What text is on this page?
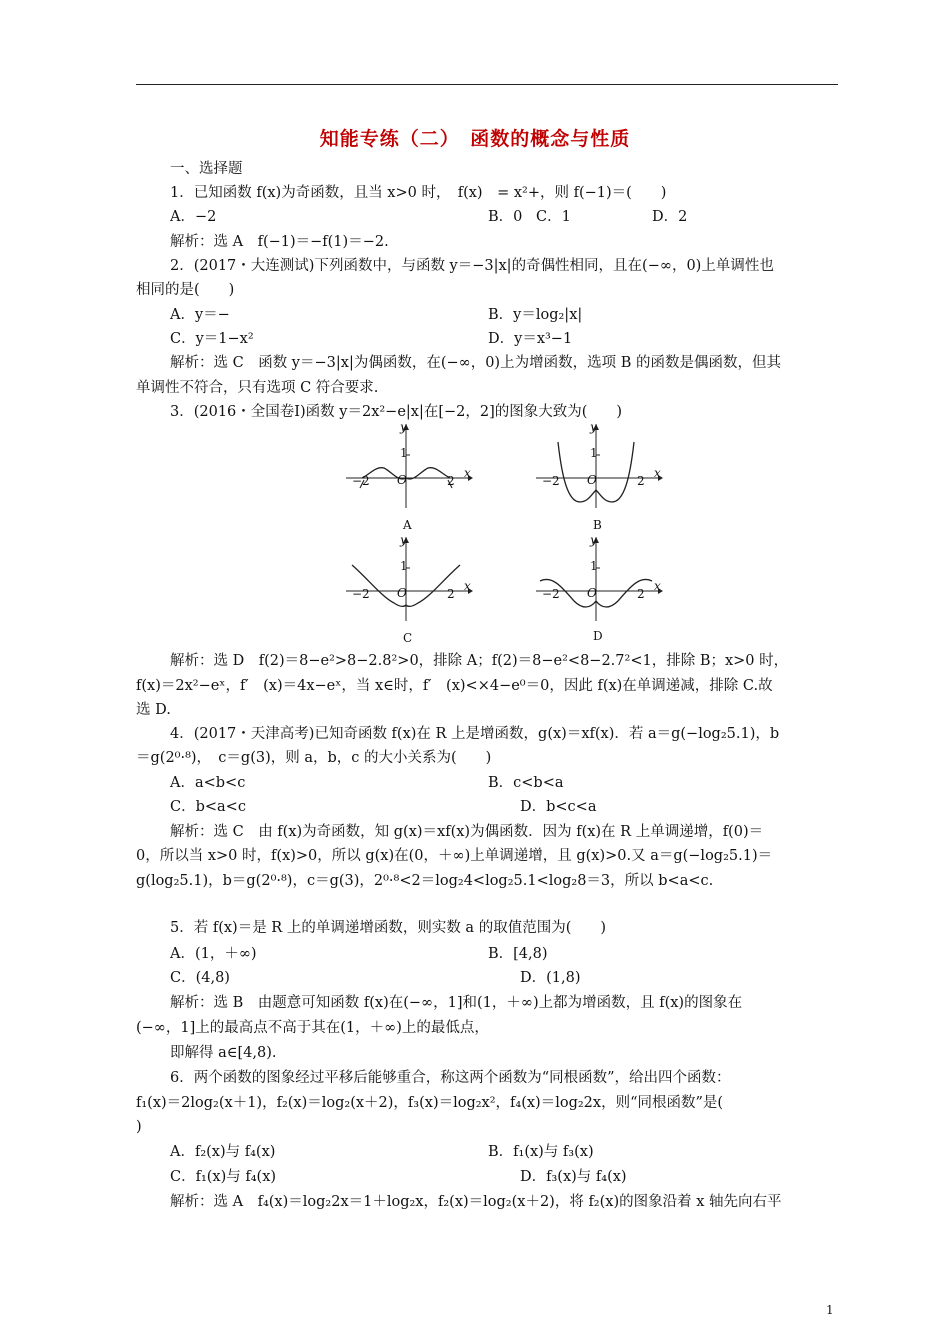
知能专练（二）　函数的概念与性质
一、选择题
1．已知函数 f(x)为奇函数，且当 x>0 时，　f(x)　= x²+，则 f(−1)＝(　　)
A．−2	B．0 C．1	D．2
解析：选 A　f(−1)＝−f(1)＝−2.
2．(2017・大连测试)下列函数中，与函数 y＝−3|x|的奇偶性相同，且在(−∞，0)上单调性也
相同的是(　　)
A．y＝−	B．y＝log₂|x|
C．y＝1−x²	D．y＝x³−1
解析：选 C　函数 y＝−3|x|为偶函数，在(−∞，0)上为增函数，选项 B 的函数是偶函数，但其
单调性不符合，只有选项 C 符合要求.
3．(2016・全国卷Ⅰ)函数 y＝2x²−e|x|在[−2，2]的图象大致为(　　)
y
x
1
−2 O	2
A
y
x
1
−2 O	2
B
y
x
1
−2 O	2
C
y
x
1
−2 O	2
D
解析：选 D　f(2)＝8−e²>8−2.8²>0，排除 A；f(2)＝8−e²<8−2.7²<1，排除 B；x>0 时，
f(x)＝2x²−eˣ，f′　(x)＝4x−eˣ，当 x∈时，f′　(x)<×4−e⁰＝0，因此 f(x)在单调递减，排除 C.故
选 D.
4．(2017・天津高考)已知奇函数 f(x)在 R 上是增函数，g(x)＝xf(x)．若 a＝g(−log₂5.1)，b
＝g(2⁰·⁸)，　c＝g(3)，则 a，b，c 的大小关系为(　　)
A．a<b<c	B．c<b<a
C．b<a<c	D．b<c<a
解析：选 C　由 f(x)为奇函数，知 g(x)＝xf(x)为偶函数．因为 f(x)在 R 上单调递增，f(0)＝
0，所以当 x>0 时，f(x)>0，所以 g(x)在(0，＋∞)上单调递增，且 g(x)>0.又 a＝g(−log₂5.1)＝
g(log₂5.1)，b＝g(2⁰·⁸)，c＝g(3)，2⁰·⁸<2＝log₂4<log₂5.1<log₂8＝3，所以 b<a<c.
5．若 f(x)＝是 R 上的单调递增函数，则实数 a 的取值范围为(　　)
A．(1，＋∞)	B．[4,8)
C．(4,8)	D．(1,8)
解析：选 B　由题意可知函数 f(x)在(−∞，1]和(1，＋∞)上都为增函数，且 f(x)的图象在
(−∞，1]上的最高点不高于其在(1，＋∞)上的最低点，
即解得 a∈[4,8).
6．两个函数的图象经过平移后能够重合，称这两个函数为“同根函数”，给出四个函数：
f₁(x)＝2log₂(x＋1)，f₂(x)＝log₂(x＋2)，f₃(x)＝log₂x²，f₄(x)＝log₂2x，则“同根函数”是(
)
A．f₂(x)与 f₄(x)	B．f₁(x)与 f₃(x)
C．f₁(x)与 f₄(x)	D．f₃(x)与 f₄(x)
解析：选 A　f₄(x)＝log₂2x＝1＋log₂x，f₂(x)＝log₂(x＋2)，将 f₂(x)的图象沿着 x 轴先向右平
1
